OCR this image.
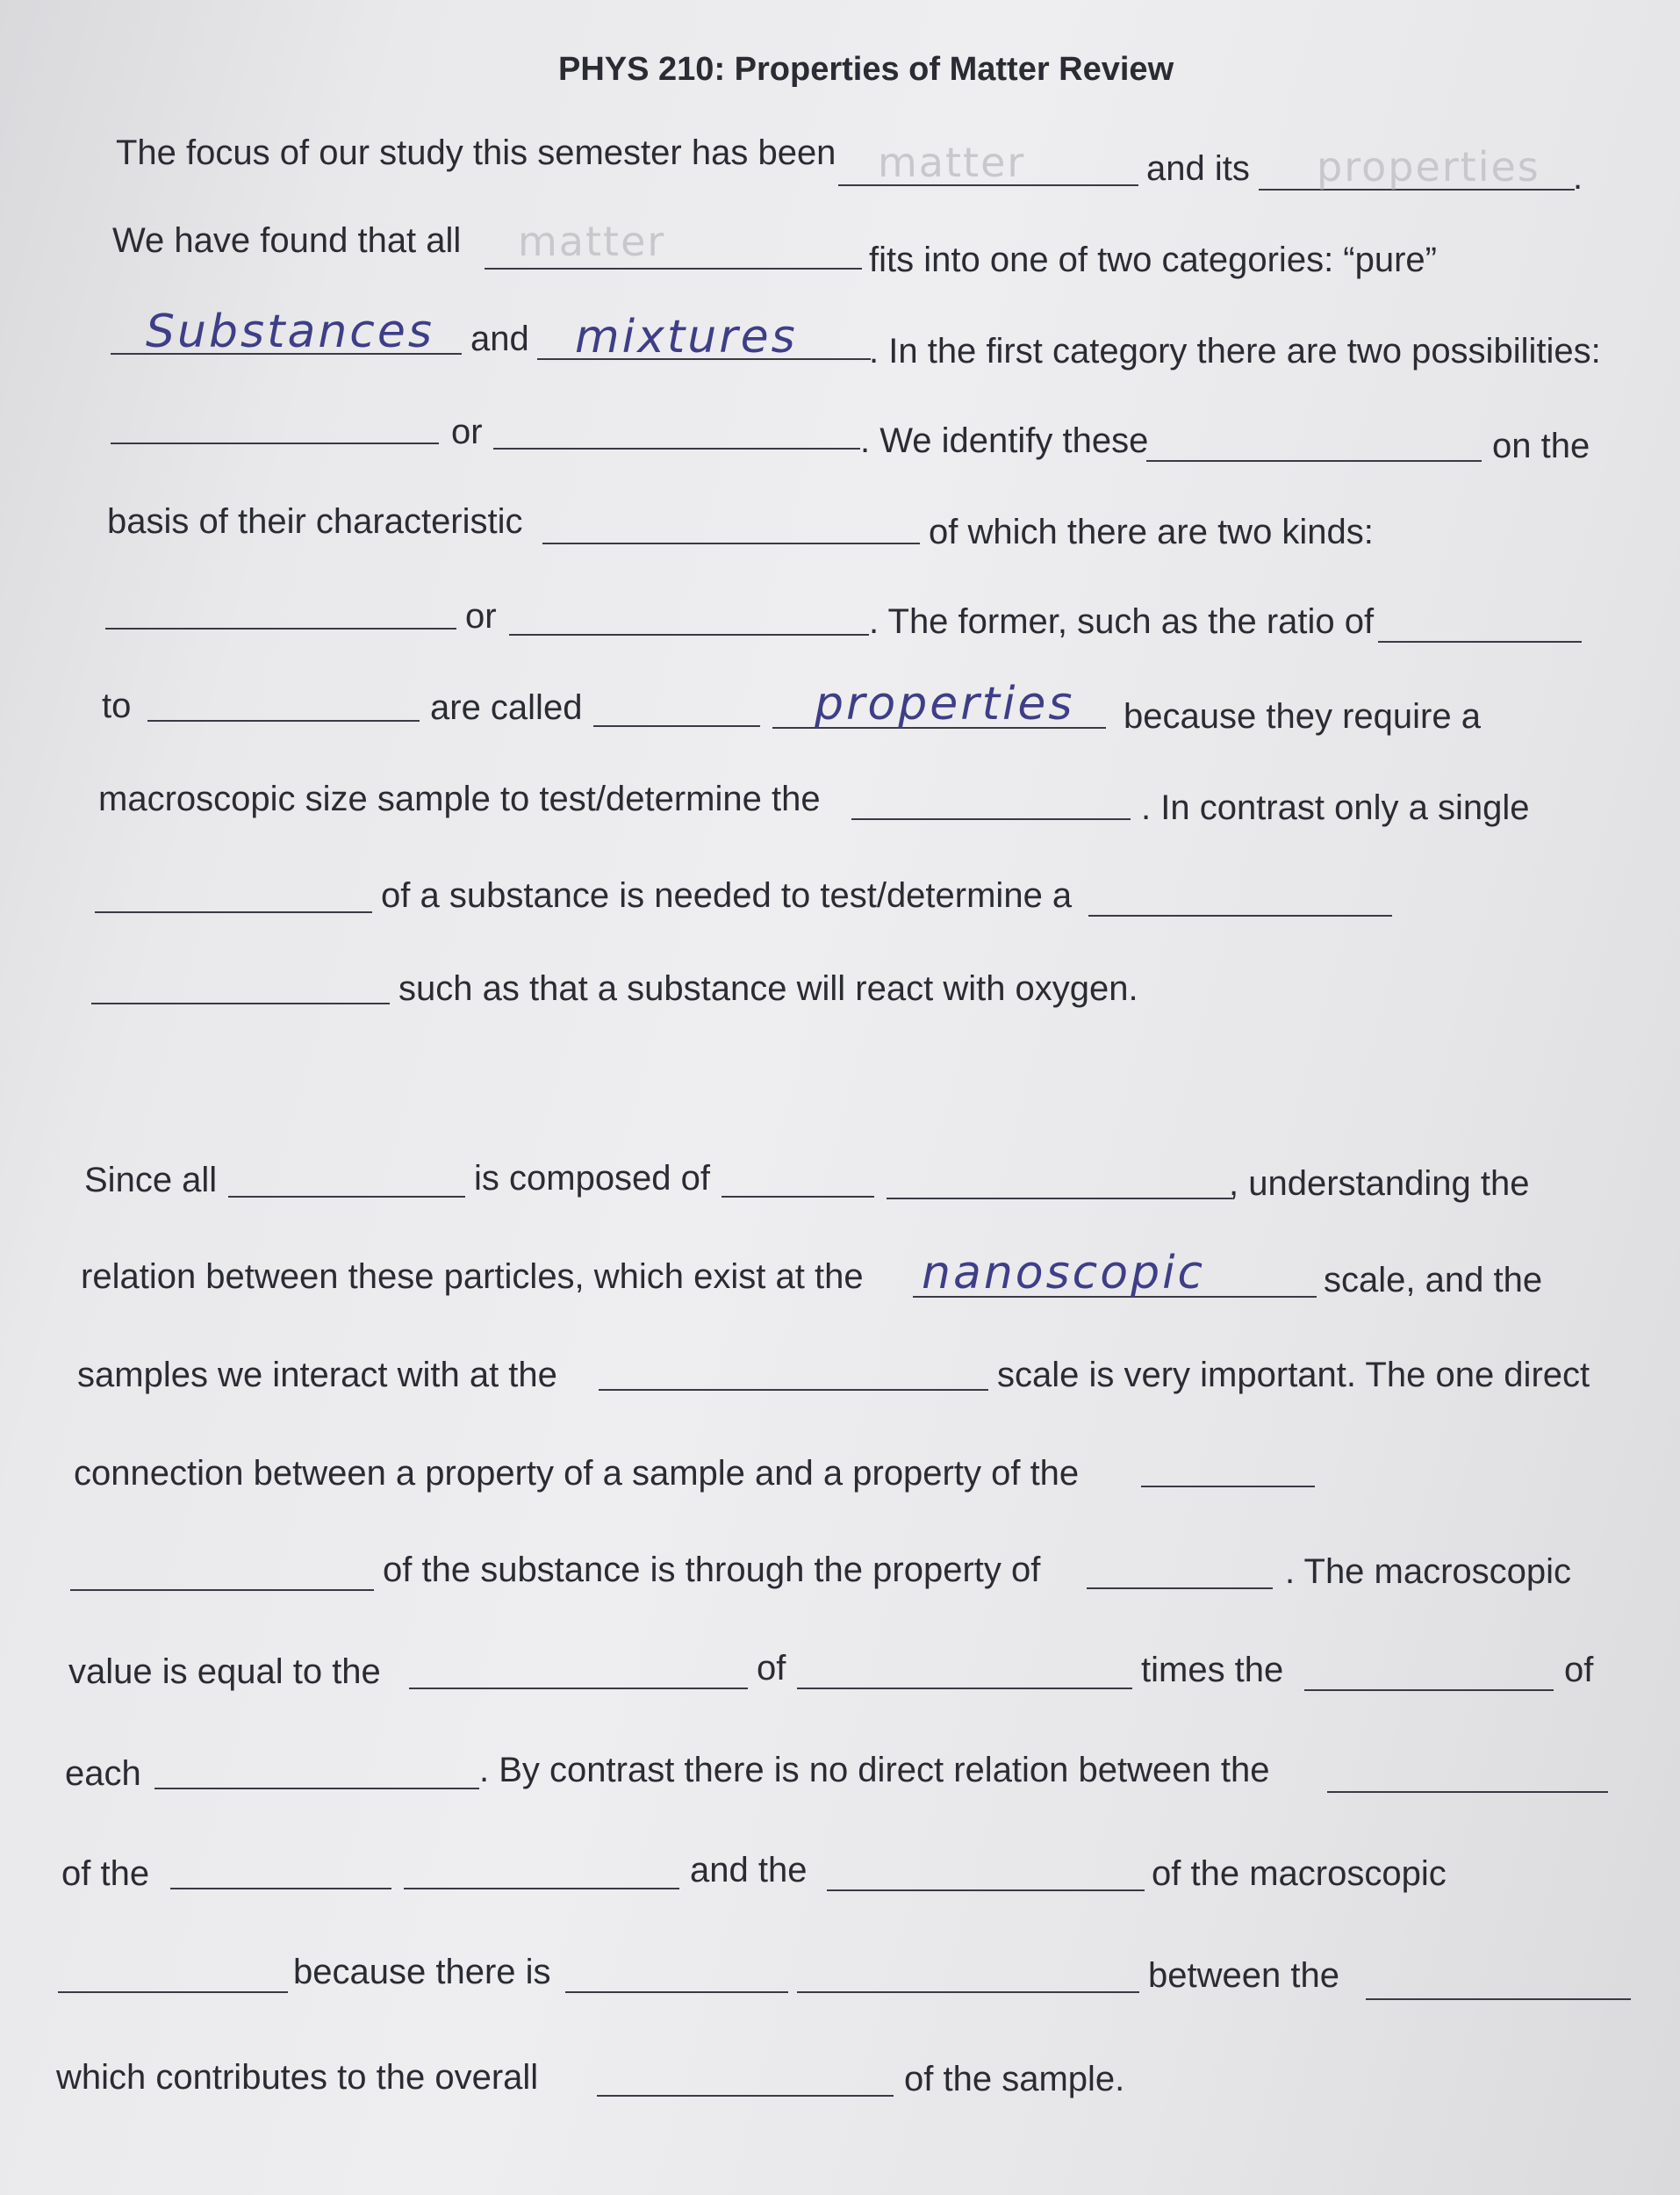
PHYS 210: Properties of Matter Review
The focus of our study this semester has been matter	and its properties .
We have found that all matter	fits into one of two categories: “pure”
Substances and mixtures . In the first category there are two possibilities:
or	. We identify these	on the
basis of their characteristic	of which there are two kinds:
or	. The former, such as the ratio of
to	are called	properties because they require a
macroscopic size sample to test/determine the	. In contrast only a single
of a substance is needed to test/determine a
such as that a substance will react with oxygen.
Since all	is composed of	, understanding the
relation between these particles, which exist at the nanoscopic	scale, and the
samples we interact with at the	scale is very important. The one direct
connection between a property of a sample and a property of the
of the substance is through the property of	. The macroscopic
value is equal to the	of	times the	of
each	. By contrast there is no direct relation between the
of the	and the	of the macroscopic
because there is	between the
which contributes to the overall	of the sample.
